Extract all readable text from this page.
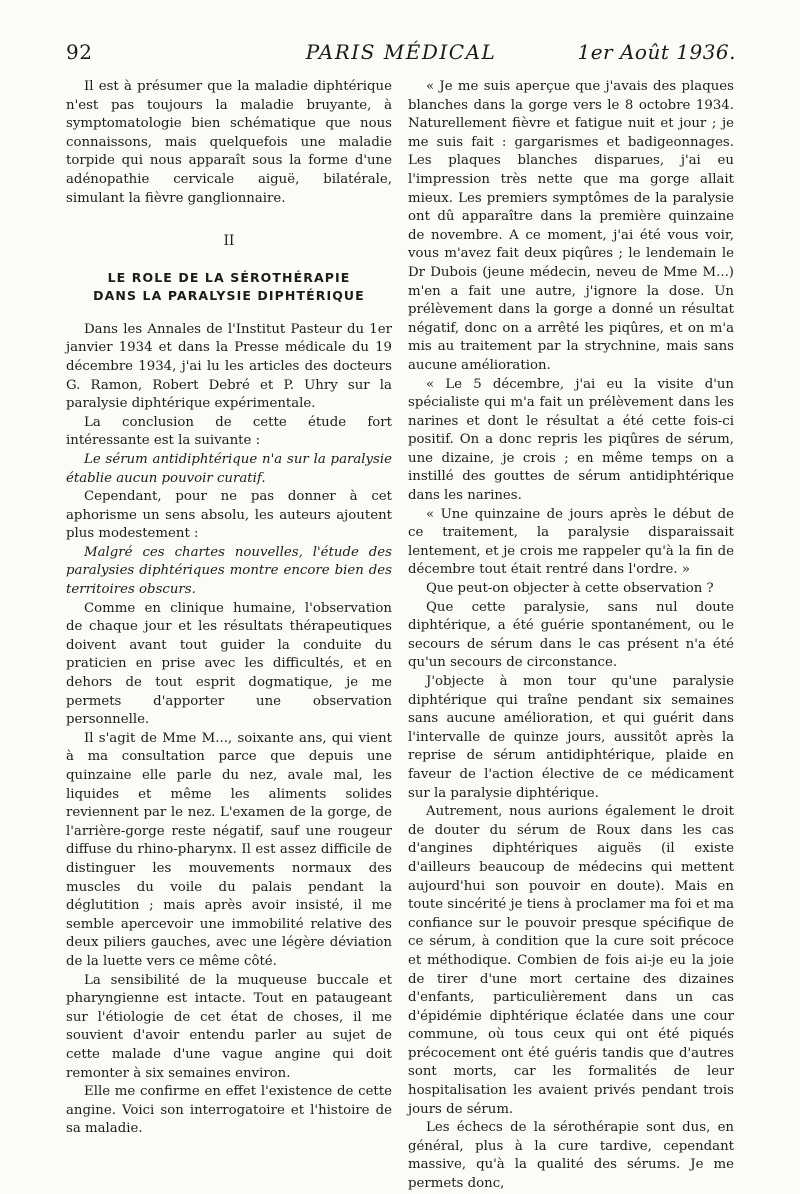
92	PARIS MÉDICAL	1er Août 1936.

Il est à présumer que la maladie diphtérique n'est pas toujours la maladie bruyante, à symptomatologie bien schématique que nous connaissons, mais quelquefois une maladie torpide qui nous apparaît sous la forme d'une adénopathie cervicale aiguë, bilatérale, simulant la fièvre ganglionnaire.

II
LE ROLE DE LA SÉROTHÉRAPIE
DANS LA PARALYSIE DIPHTÉRIQUE

Dans les Annales de l'Institut Pasteur du 1er janvier 1934 et dans la Presse médicale du 19 décembre 1934, j'ai lu les articles des docteurs G. Ramon, Robert Debré et P. Uhry sur la paralysie diphtérique expérimentale.

La conclusion de cette étude fort intéressante est la suivante :

Le sérum antidiphtérique n'a sur la paralysie établie aucun pouvoir curatif.

Cependant, pour ne pas donner à cet aphorisme un sens absolu, les auteurs ajoutent plus modestement :

Malgré ces chartes nouvelles, l'étude des paralysies diphtériques montre encore bien des territoires obscurs.

Comme en clinique humaine, l'observation de chaque jour et les résultats thérapeutiques doivent avant tout guider la conduite du praticien en prise avec les difficultés, et en dehors de tout esprit dogmatique, je me permets d'apporter une observation personnelle.

Il s'agit de Mme M..., soixante ans, qui vient à ma consultation parce que depuis une quinzaine elle parle du nez, avale mal, les liquides et même les aliments solides reviennent par le nez. L'examen de la gorge, de l'arrière-gorge reste négatif, sauf une rougeur diffuse du rhino-pharynx. Il est assez difficile de distinguer les mouvements normaux des muscles du voile du palais pendant la déglutition ; mais après avoir insisté, il me semble apercevoir une immobilité relative des deux piliers gauches, avec une légère déviation de la luette vers ce même côté.

La sensibilité de la muqueuse buccale et pharyngienne est intacte. Tout en pataugeant sur l'étiologie de cet état de choses, il me souvient d'avoir entendu parler au sujet de cette malade d'une vague angine qui doit remonter à six semaines environ.

Elle me confirme en effet l'existence de cette angine. Voici son interrogatoire et l'histoire de sa maladie.

« Je me suis aperçue que j'avais des plaques blanches dans la gorge vers le 8 octobre 1934. Naturellement fièvre et fatigue nuit et jour ; je me suis fait : gargarismes et badigeonnages. Les plaques blanches disparues, j'ai eu l'impression très nette que ma gorge allait mieux. Les premiers symptômes de la paralysie ont dû apparaître dans la première quinzaine de novembre. A ce moment, j'ai été vous voir, vous m'avez fait deux piqûres ; le lendemain le Dr Dubois (jeune médecin, neveu de Mme M...) m'en a fait une autre, j'ignore la dose. Un prélèvement dans la gorge a donné un résultat négatif, donc on a arrêté les piqûres, et on m'a mis au traitement par la strychnine, mais sans aucune amélioration.

« Le 5 décembre, j'ai eu la visite d'un spécialiste qui m'a fait un prélèvement dans les narines et dont le résultat a été cette fois-ci positif. On a donc repris les piqûres de sérum, une dizaine, je crois ; en même temps on a instillé des gouttes de sérum antidiphtérique dans les narines.

« Une quinzaine de jours après le début de ce traitement, la paralysie disparaissait lentement, et je crois me rappeler qu'à la fin de décembre tout était rentré dans l'ordre. »

Que peut-on objecter à cette observation ?

Que cette paralysie, sans nul doute diphtérique, a été guérie spontanément, ou le secours de sérum dans le cas présent n'a été qu'un secours de circonstance.

J'objecte à mon tour qu'une paralysie diphtérique qui traîne pendant six semaines sans aucune amélioration, et qui guérit dans l'intervalle de quinze jours, aussitôt après la reprise de sérum antidiphtérique, plaide en faveur de l'action élective de ce médicament sur la paralysie diphtérique.

Autrement, nous aurions également le droit de douter du sérum de Roux dans les cas d'angines diphtériques aiguës (il existe d'ailleurs beaucoup de médecins qui mettent aujourd'hui son pouvoir en doute). Mais en toute sincérité je tiens à proclamer ma foi et ma confiance sur le pouvoir presque spécifique de ce sérum, à condition que la cure soit précoce et méthodique. Combien de fois ai-je eu la joie de tirer d'une mort certaine des dizaines d'enfants, particulièrement dans un cas d'épidémie diphtérique éclatée dans une cour commune, où tous ceux qui ont été piqués précocement ont été guéris tandis que d'autres sont morts, car les formalités de leur hospitalisation les avaient privés pendant trois jours de sérum.

Les échecs de la sérothérapie sont dus, en général, plus à la cure tardive, cependant massive, qu'à la qualité des sérums. Je me permets donc,
